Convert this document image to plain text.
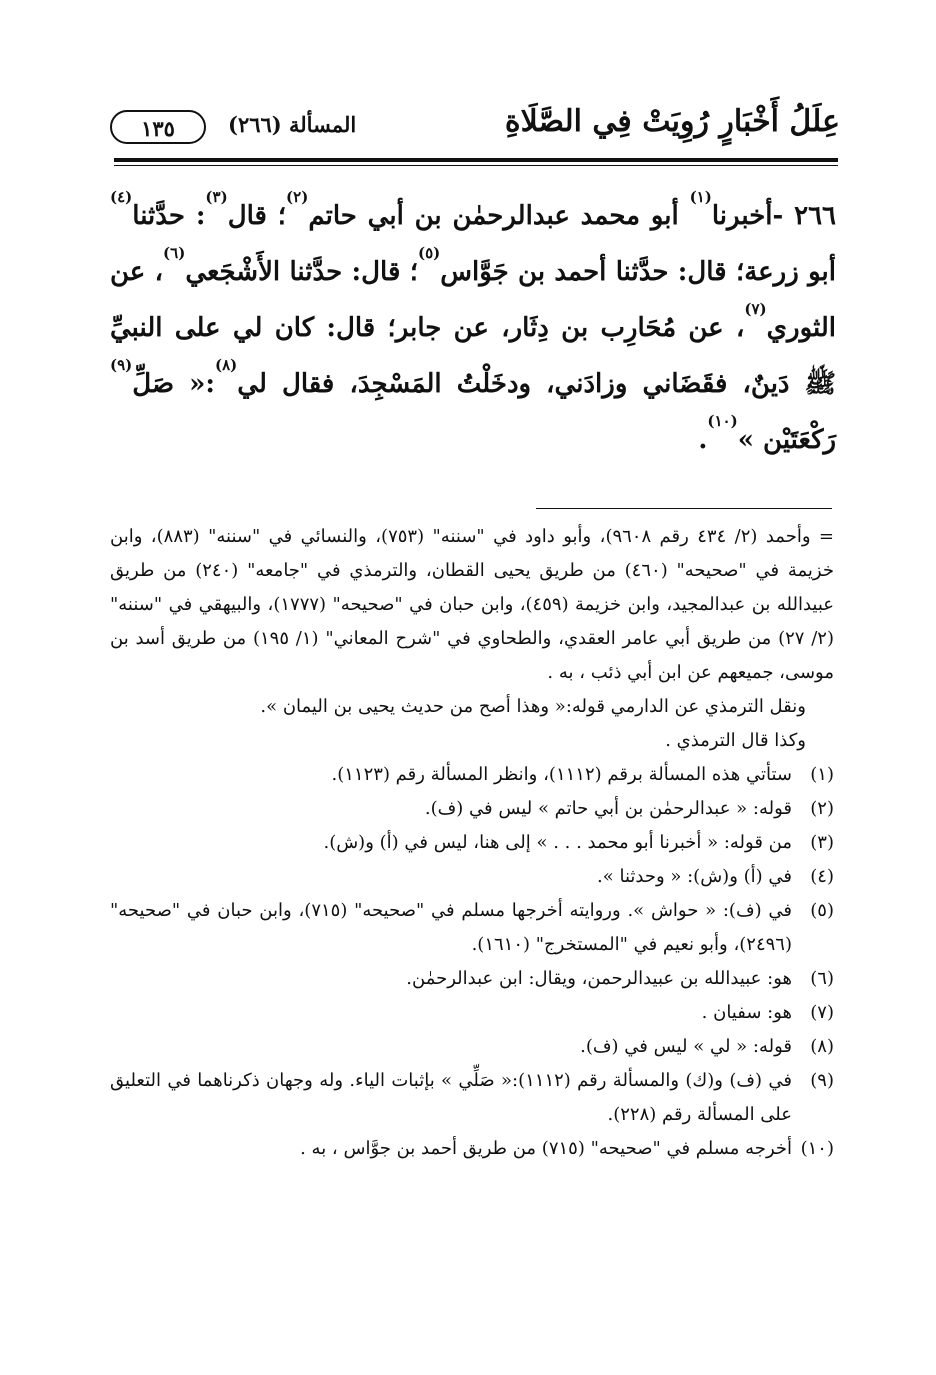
عِلَلُ أَخْبَارٍ رُوِيَتْ فِي الصَّلَاةِ
المسألة (٢٦٦)
١٣٥

٢٦٦ -أخبرنا$^{(١)}$ أبو محمد عبدالرحمٰن بن أبي حاتم$^{(٢)}$؛ قال$^{(٣)}$: حدَّثنا$^{(٤)}$ أبو زرعة؛ قال: حدَّثنا أحمد بن جَوَّاس$^{(٥)}$؛ قال: حدَّثنا الأَشْجَعي$^{(٦)}$، عن الثوري$^{(٧)}$، عن مُحَارِب بن دِثَار، عن جابر؛ قال: كان لي على النبيِّ ﷺ دَينٌ، فقَضَاني وزادَني، ودخَلْتُ المَسْجِدَ، فقال لي$^{(٨)}$:« صَلِّ$^{(٩)}$ رَكْعَتَيْن »$^{(١٠)}$.

= وأحمد (٢/ ٤٣٤ رقم ٩٦٠٨)، وأبو داود في "سننه" (٧٥٣)، والنسائي في "سننه" (٨٨٣)، وابن خزيمة في "صحيحه" (٤٦٠) من طريق يحيى القطان، والترمذي في "جامعه" (٢٤٠) من طريق عبيدالله بن عبدالمجيد، وابن خزيمة (٤٥٩)، وابن حبان في "صحيحه" (١٧٧٧)، والبيهقي في "سننه" (٢/ ٢٧) من طريق أبي عامر العقدي، والطحاوي في "شرح المعاني" (١/ ١٩٥) من طريق أسد بن موسى، جميعهم عن ابن أبي ذئب ، به .

ونقل الترمذي عن الدارمي قوله:« وهذا أصح من حديث يحيى بن اليمان ».

وكذا قال الترمذي .

(١)
ستأتي هذه المسألة برقم (١١١٢)، وانظر المسألة رقم (١١٢٣).
(٢)
قوله: « عبدالرحمٰن بن أبي حاتم » ليس في (ف).
(٣)
من قوله: « أخبرنا أبو محمد . . . » إلى هنا، ليس في (أ) و(ش).
(٤)
في (أ) و(ش): « وحدثنا ».
(٥)
في (ف): « حواش ». وروايته أخرجها مسلم في "صحيحه" (٧١٥)، وابن حبان في "صحيحه" (٢٤٩٦)، وأبو نعيم في "المستخرج" (١٦١٠).
(٦)
هو: عبيدالله بن عبيدالرحمن، ويقال: ابن عبدالرحمٰن.
(٧)
هو: سفيان .
(٨)
قوله: « لي » ليس في (ف).
(٩)
في (ف) و(ك) والمسألة رقم (١١١٢):« صَلِّي » بإثبات الياء. وله وجهان ذكرناهما في التعليق على المسألة رقم (٢٢٨).
(١٠)
أخرجه مسلم في "صحيحه" (٧١٥) من طريق أحمد بن جوَّاس ، به .
